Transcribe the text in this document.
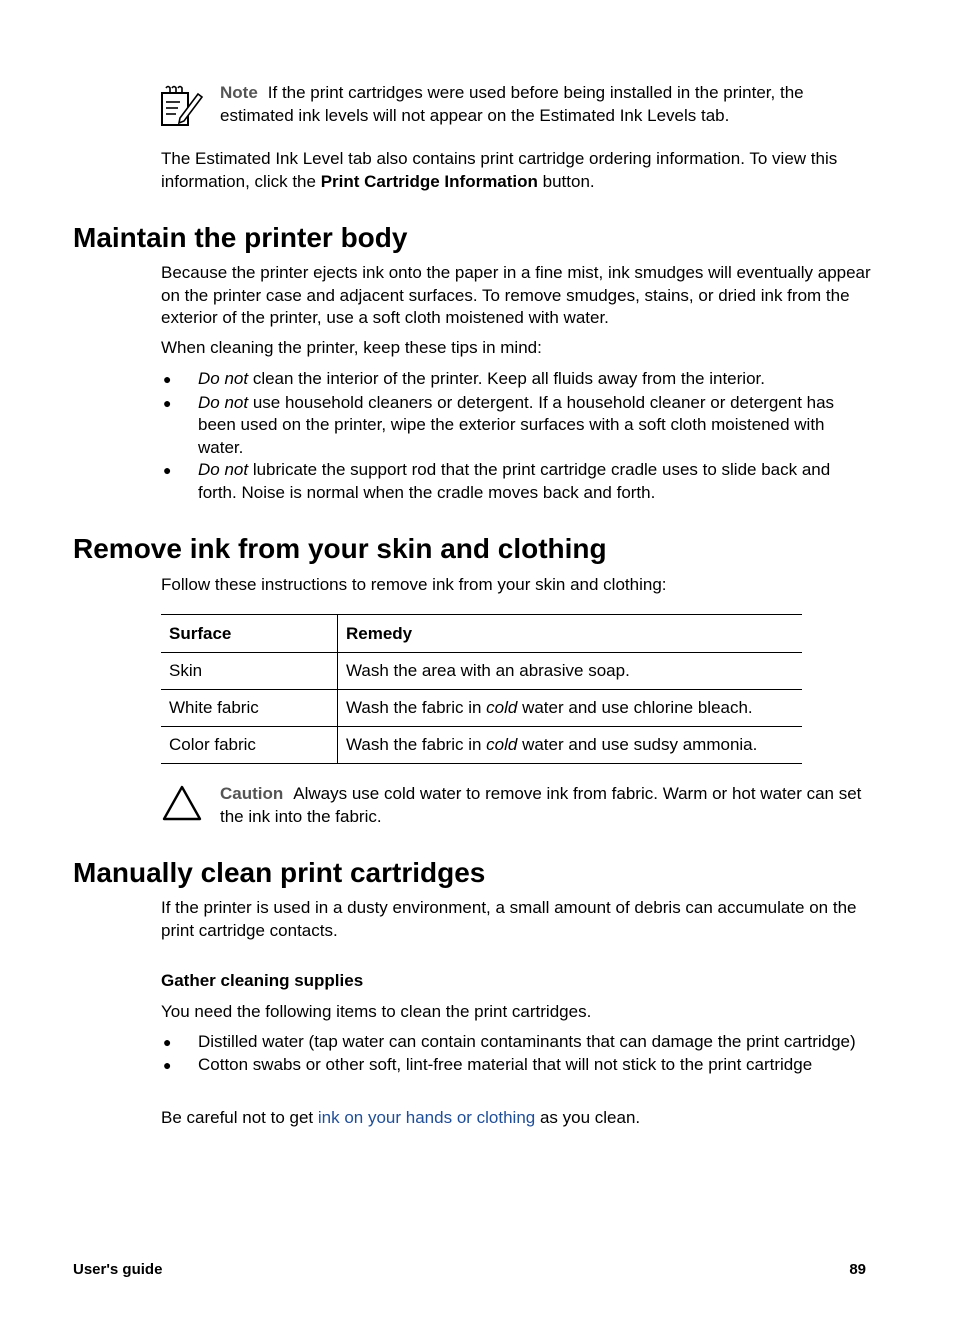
Note If the print cartridges were used before being installed in the printer, the estimated ink levels will not appear on the Estimated Ink Levels tab.
The Estimated Ink Level tab also contains print cartridge ordering information. To view this information, click the Print Cartridge Information button.
Maintain the printer body
Because the printer ejects ink onto the paper in a fine mist, ink smudges will eventually appear on the printer case and adjacent surfaces. To remove smudges, stains, or dried ink from the exterior of the printer, use a soft cloth moistened with water.
When cleaning the printer, keep these tips in mind:
● Do not clean the interior of the printer. Keep all fluids away from the interior.
● Do not use household cleaners or detergent. If a household cleaner or detergent has been used on the printer, wipe the exterior surfaces with a soft cloth moistened with water.
● Do not lubricate the support rod that the print cartridge cradle uses to slide back and forth. Noise is normal when the cradle moves back and forth.
Remove ink from your skin and clothing
Follow these instructions to remove ink from your skin and clothing:
Surface	Remedy
Skin	Wash the area with an abrasive soap.
White fabric	Wash the fabric in cold water and use chlorine bleach.
Color fabric	Wash the fabric in cold water and use sudsy ammonia.
Caution Always use cold water to remove ink from fabric. Warm or hot water can set the ink into the fabric.
Manually clean print cartridges
If the printer is used in a dusty environment, a small amount of debris can accumulate on the print cartridge contacts.
Gather cleaning supplies
You need the following items to clean the print cartridges.
● Distilled water (tap water can contain contaminants that can damage the print cartridge)
● Cotton swabs or other soft, lint-free material that will not stick to the print cartridge
Be careful not to get ink on your hands or clothing as you clean.
User's guide	89
